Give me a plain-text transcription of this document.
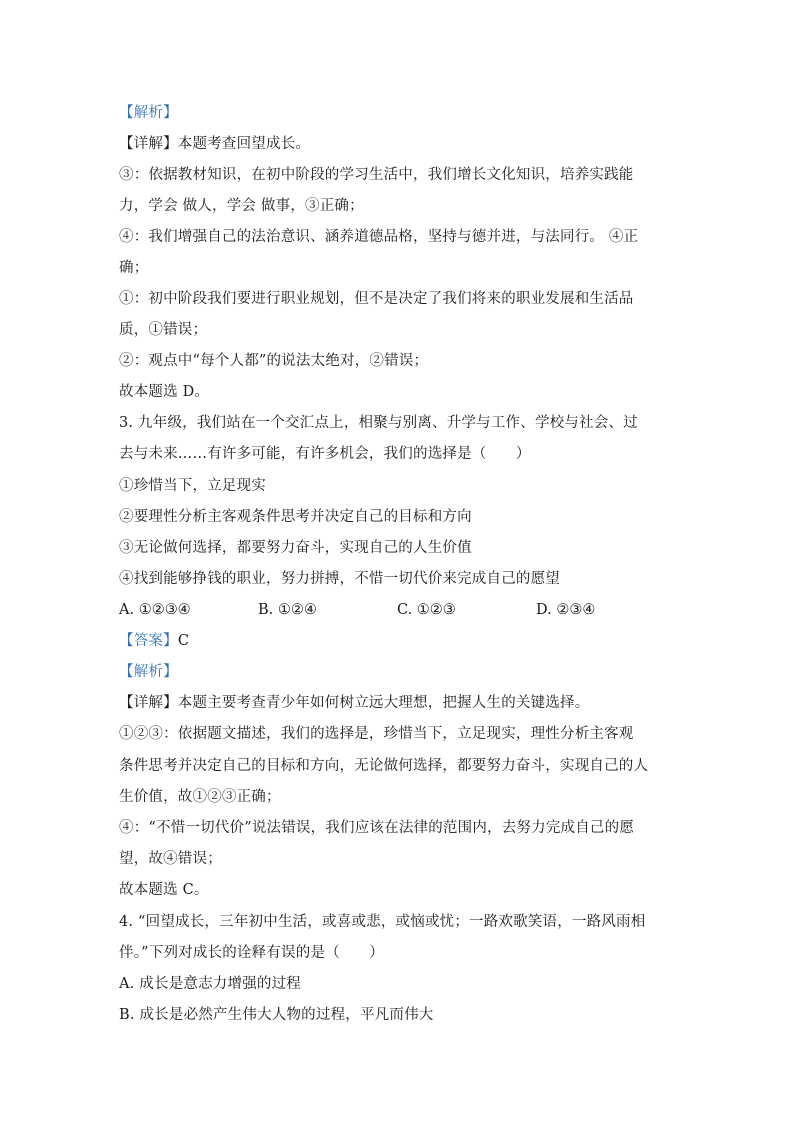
【解析】
【详解】本题考查回望成长。
③：依据教材知识，在初中阶段的学习生活中，我们增长文化知识，培养实践能
力，学会 做人，学会 做事，③正确；
④：我们增强自己的法治意识、涵养道德品格，坚持与德并进，与法同行。 ④正
确；
①：初中阶段我们要进行职业规划，但不是决定了我们将来的职业发展和生活品
质，①错误；
②：观点中“每个人都”的说法太绝对，②错误；
故本题选 D。
3. 九年级，我们站在一个交汇点上，相聚与别离、升学与工作、学校与社会、过
去与未来……有许多可能，有许多机会，我们的选择是（　　）
①珍惜当下，立足现实
②要理性分析主客观条件思考并决定自己的目标和方向
③无论做何选择，都要努力奋斗，实现自己的人生价值
④找到能够挣钱的职业，努力拼搏，不惜一切代价来完成自己的愿望
A. ①②③④	B. ①②④	C. ①②③	D. ②③④
【答案】C
【解析】
【详解】本题主要考查青少年如何树立远大理想，把握人生的关键选择。
①②③：依据题文描述，我们的选择是，珍惜当下，立足现实，理性分析主客观
条件思考并决定自己的目标和方向，无论做何选择，都要努力奋斗，实现自己的人
生价值，故①②③正确；
④：“不惜一切代价”说法错误，我们应该在法律的范围内，去努力完成自己的愿
望，故④错误；
故本题选 C。
4. “回望成长，三年初中生活，或喜或悲，或恼或忧；一路欢歌笑语，一路风雨相
伴。”下列对成长的诠释有误的是（　　）
A. 成长是意志力增强的过程
B. 成长是必然产生伟大人物的过程，平凡而伟大
